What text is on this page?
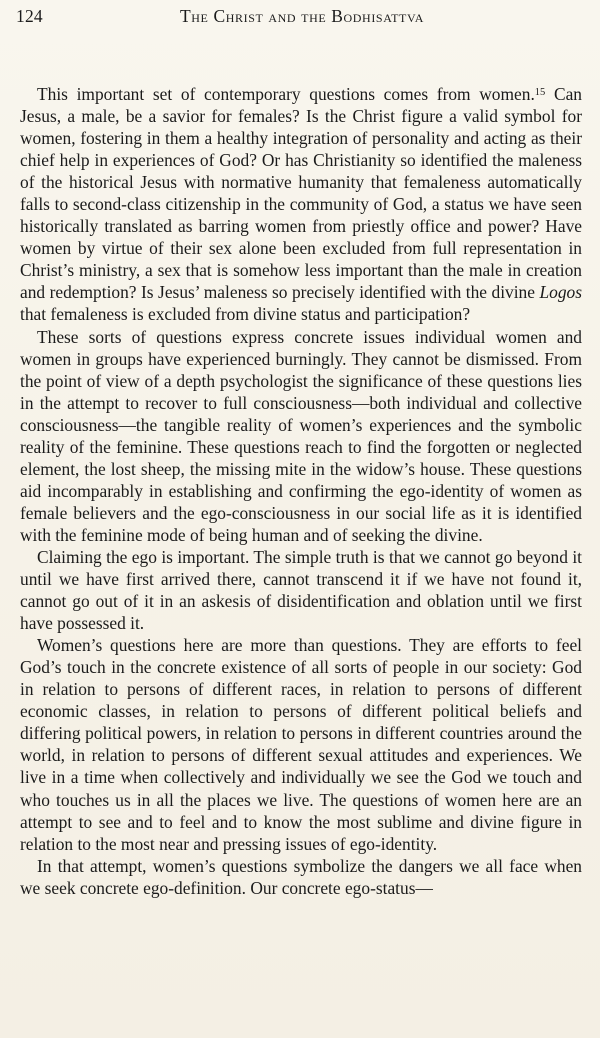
124	The Christ and the Bodhisattva

This important set of contemporary questions comes from women.$^{15}$ Can Jesus, a male, be a savior for females? Is the Christ figure a valid symbol for women, fostering in them a healthy integration of personality and acting as their chief help in experiences of God? Or has Christianity so identified the maleness of the historical Jesus with normative humanity that femaleness automatically falls to second-class citizenship in the community of God, a status we have seen historically translated as barring women from priestly office and power? Have women by virtue of their sex alone been excluded from full representation in Christ’s ministry, a sex that is somehow less important than the male in creation and redemption? Is Jesus’ maleness so precisely identified with the divine Logos that femaleness is excluded from divine status and participation?

These sorts of questions express concrete issues individual women and women in groups have experienced burningly. They cannot be dismissed. From the point of view of a depth psychologist the significance of these questions lies in the attempt to recover to full consciousness—both individual and collective consciousness—the tangible reality of women’s experiences and the symbolic reality of the feminine. These questions reach to find the forgotten or neglected element, the lost sheep, the missing mite in the widow’s house. These questions aid incomparably in establishing and confirming the ego-identity of women as female believers and the ego-consciousness in our social life as it is identified with the feminine mode of being human and of seeking the divine.

Claiming the ego is important. The simple truth is that we cannot go beyond it until we have first arrived there, cannot transcend it if we have not found it, cannot go out of it in an askesis of disidentification and oblation until we first have possessed it.

Women’s questions here are more than questions. They are efforts to feel God’s touch in the concrete existence of all sorts of people in our society: God in relation to persons of different races, in relation to persons of different economic classes, in relation to persons of different political beliefs and differing political powers, in relation to persons in different countries around the world, in relation to persons of different sexual attitudes and experiences. We live in a time when collectively and individually we see the God we touch and who touches us in all the places we live. The questions of women here are an attempt to see and to feel and to know the most sublime and divine figure in relation to the most near and pressing issues of ego-identity.

In that attempt, women’s questions symbolize the dangers we all face when we seek concrete ego-definition. Our concrete ego-status—
